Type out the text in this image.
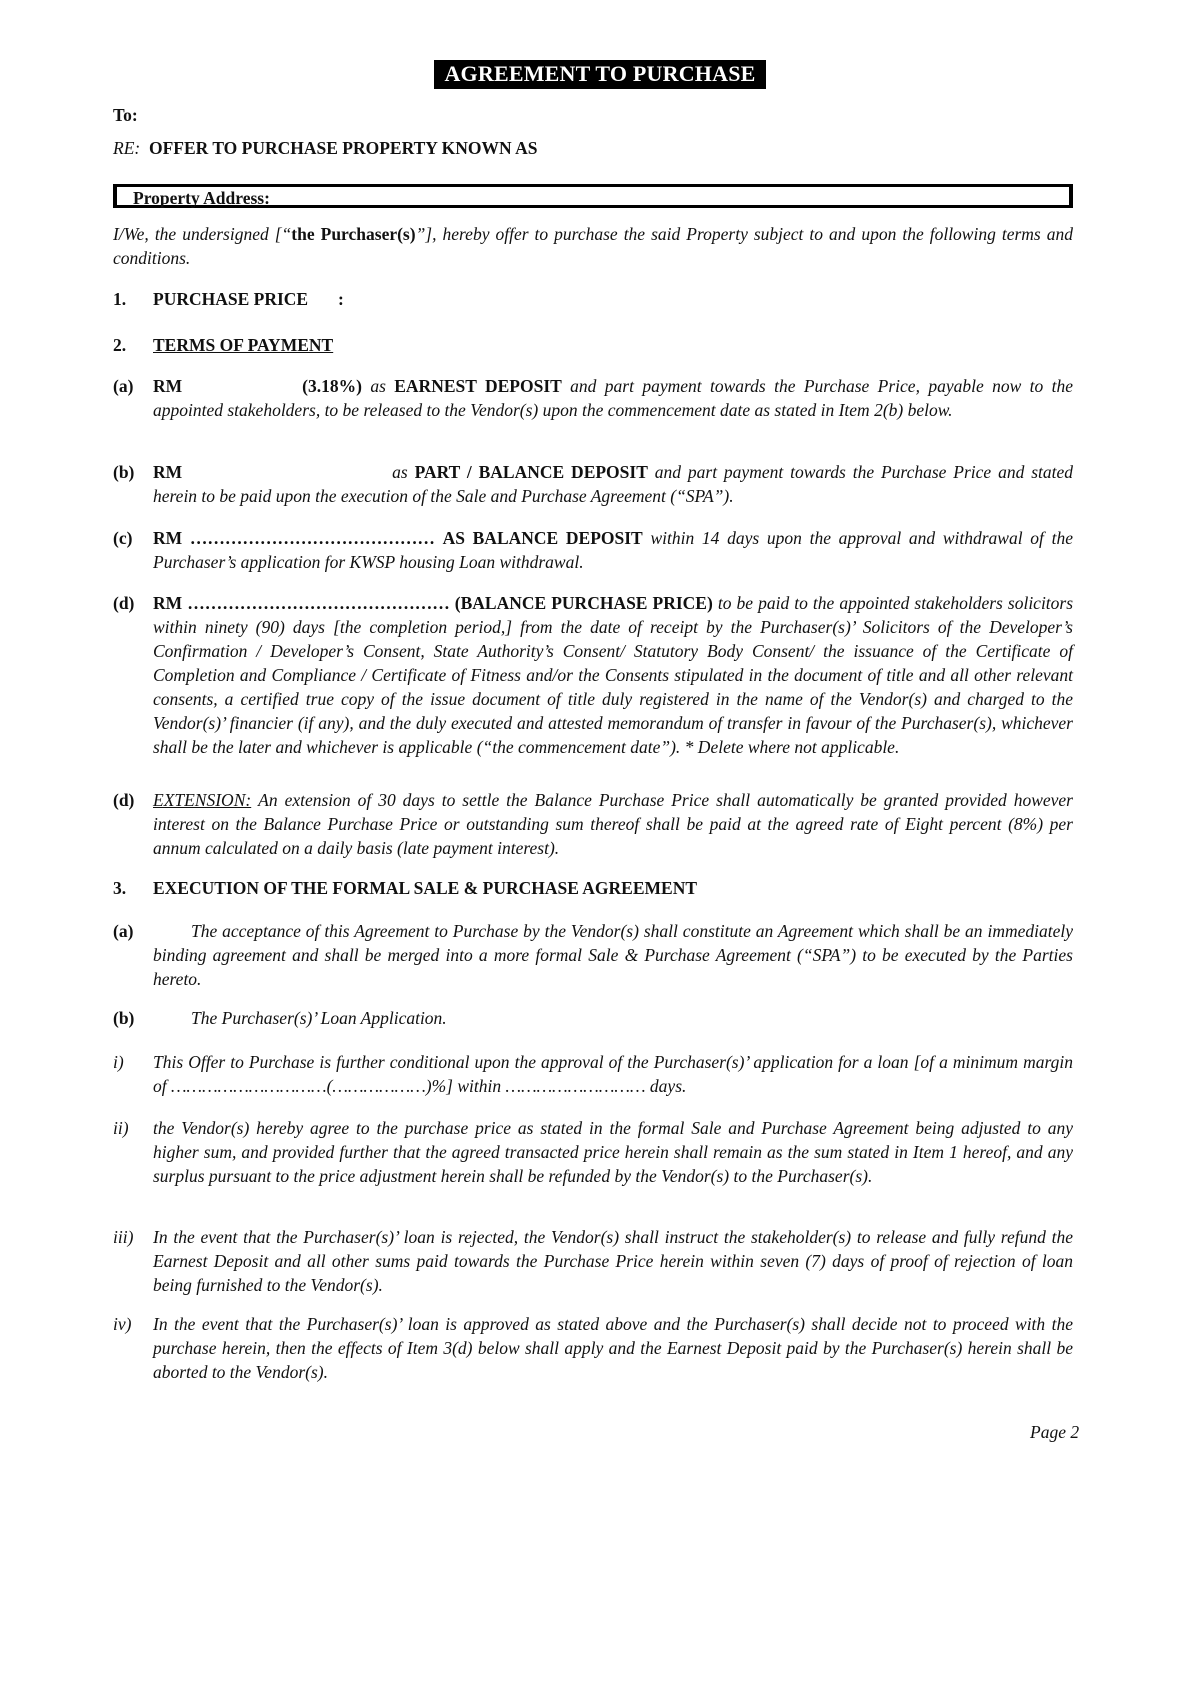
AGREEMENT TO PURCHASE
To:
RE: OFFER TO PURCHASE PROPERTY KNOWN AS
Property Address:
I/We, the undersigned [“the Purchaser(s)”], hereby offer to purchase the said Property subject to and upon the following terms and conditions.
1. PURCHASE PRICE :
2. TERMS OF PAYMENT
(a) RM	(3.18%) as EARNEST DEPOSIT and part payment towards the Purchase Price, payable now to the appointed stakeholders, to be released to the Vendor(s) upon the commencement date as stated in Item 2(b) below.
(b) RM	as PART / BALANCE DEPOSIT and part payment towards the Purchase Price and stated herein to be paid upon the execution of the Sale and Purchase Agreement (“SPA”).
(c) RM …………………………………… AS BALANCE DEPOSIT within 14 days upon the approval and withdrawal of the Purchaser’s application for KWSP housing Loan withdrawal.
(d) RM ……………………………………… (BALANCE PURCHASE PRICE) to be paid to the appointed stakeholders solicitors within ninety (90) days [the completion period,] from the date of receipt by the Purchaser(s)’ Solicitors of the Developer’s Confirmation / Developer’s Consent, State Authority’s Consent/ Statutory Body Consent/ the issuance of the Certificate of Completion and Compliance / Certificate of Fitness and/or the Consents stipulated in the document of title and all other relevant consents, a certified true copy of the issue document of title duly registered in the name of the Vendor(s) and charged to the Vendor(s)’ financier (if any), and the duly executed and attested memorandum of transfer in favour of the Purchaser(s), whichever shall be the later and whichever is applicable (“the commencement date”). * Delete where not applicable.
(d) EXTENSION: An extension of 30 days to settle the Balance Purchase Price shall automatically be granted provided however interest on the Balance Purchase Price or outstanding sum thereof shall be paid at the agreed rate of Eight percent (8%) per annum calculated on a daily basis (late payment interest).
3. EXECUTION OF THE FORMAL SALE & PURCHASE AGREEMENT
(a)	The acceptance of this Agreement to Purchase by the Vendor(s) shall constitute an Agreement which shall be an immediately binding agreement and shall be merged into a more formal Sale & Purchase Agreement (“SPA”) to be executed by the Parties hereto.
(b)	The Purchaser(s)’ Loan Application.
i) This Offer to Purchase is further conditional upon the approval of the Purchaser(s)’ application for a loan [of a minimum margin of …………………………(………………)%] within ……………………… days.
ii) the Vendor(s) hereby agree to the purchase price as stated in the formal Sale and Purchase Agreement being adjusted to any higher sum, and provided further that the agreed transacted price herein shall remain as the sum stated in Item 1 hereof, and any surplus pursuant to the price adjustment herein shall be refunded by the Vendor(s) to the Purchaser(s).
iii) In the event that the Purchaser(s)’ loan is rejected, the Vendor(s) shall instruct the stakeholder(s) to release and fully refund the Earnest Deposit and all other sums paid towards the Purchase Price herein within seven (7) days of proof of rejection of loan being furnished to the Vendor(s).
iv) In the event that the Purchaser(s)’ loan is approved as stated above and the Purchaser(s) shall decide not to proceed with the purchase herein, then the effects of Item 3(d) below shall apply and the Earnest Deposit paid by the Purchaser(s) herein shall be aborted to the Vendor(s).
Page 2
